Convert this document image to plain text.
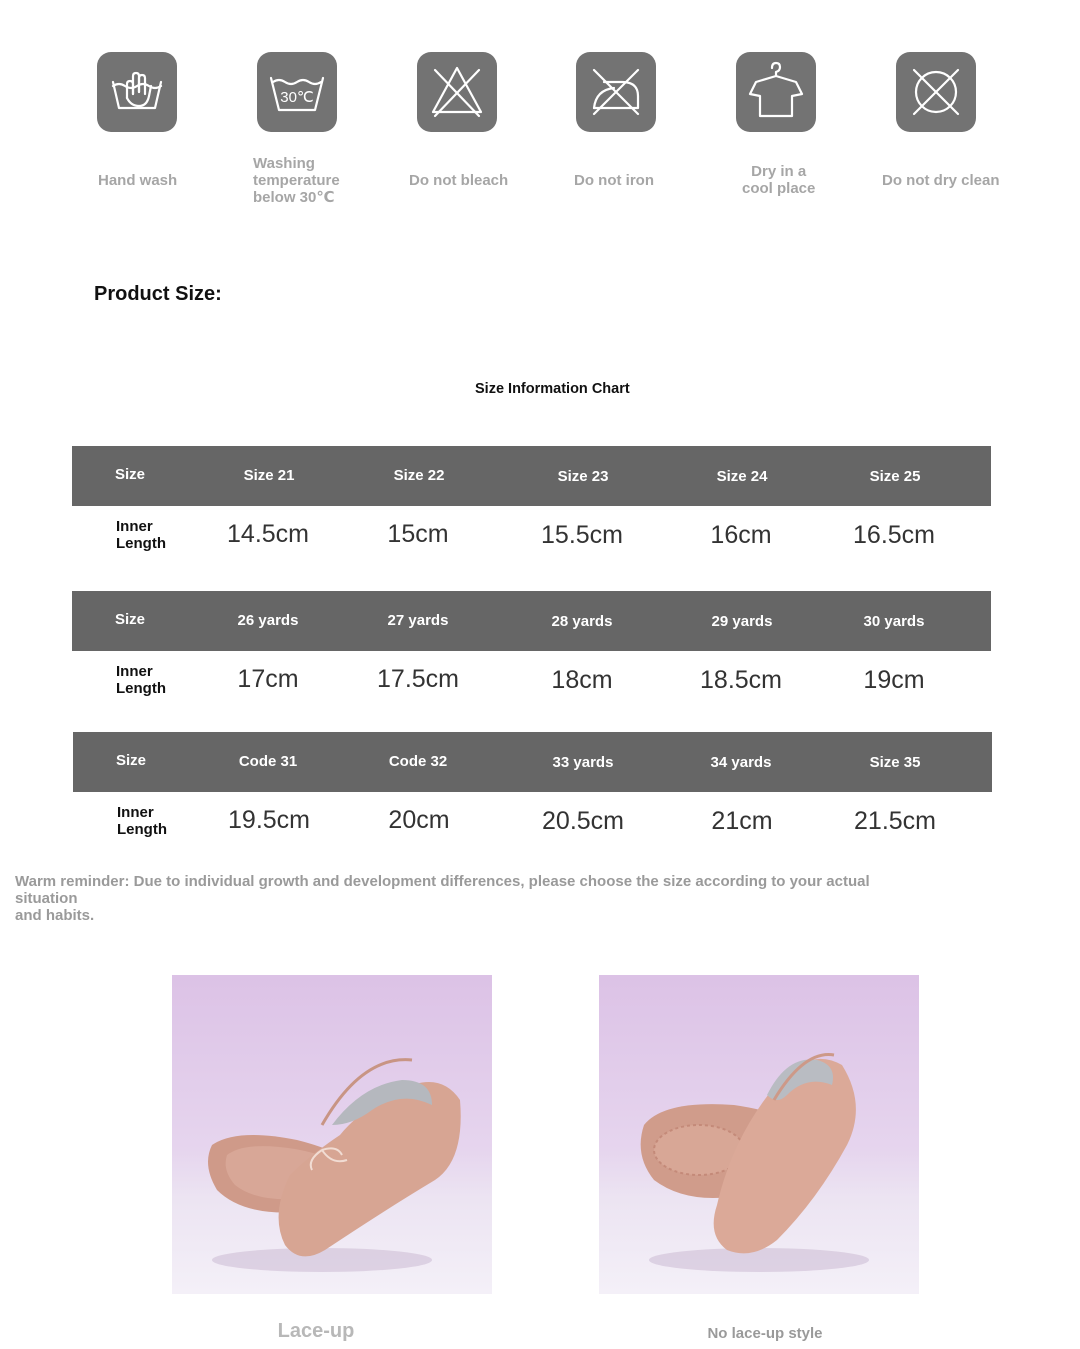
30℃
Hand wash
Washing
temperature
below 30℃
Do not bleach	Do not iron
Dry in a
cool place	Do not dry clean
Product Size:
Size Information Chart
Size	Size 21	Size 22	Size 23	Size 24	Size 25
Inner
Length 14.5cm	15cm	15.5cm	16cm	16.5cm
Size	26 yards	27 yards	28 yards	29 yards	30 yards
Inner
Length	17cm	17.5cm	18cm	18.5cm	19cm
Size	Code 31	Code 32	33 yards	34 yards	Size 35
Inner
Length 19.5cm	20cm	20.5cm	21cm	21.5cm
Warm reminder: Due to individual growth and development differences, please choose the size according to your actual situation
and habits.
Lace-up	No lace-up style
